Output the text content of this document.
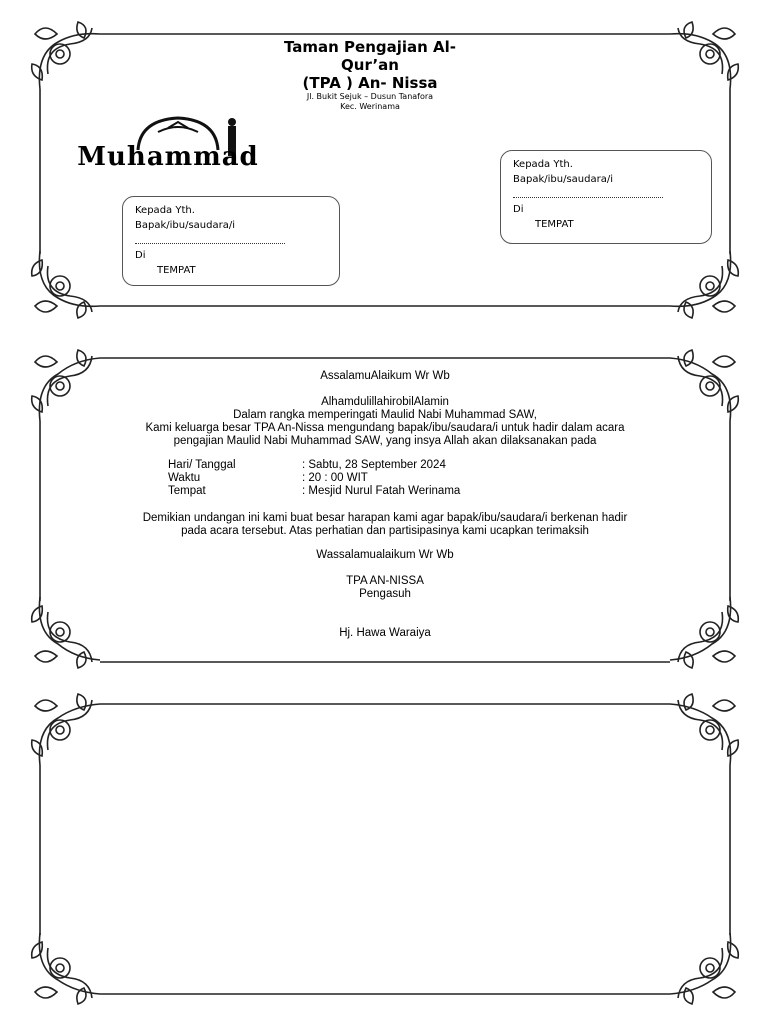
Taman Pengajian Al-
Qur’an
(TPA ) An- Nissa
Jl. Bukit Sejuk – Dusun Tanafora
Kec. Werinama
Muhammad
Kepada Yth.
Bapak/ibu/saudara/i
Di
TEMPAT
Kepada Yth.
Bapak/ibu/saudara/i
Di
TEMPAT
AssalamuAlaikum Wr Wb
AlhamdulillahirobilAlamin
Dalam rangka memperingati Maulid Nabi Muhammad SAW,
Kami keluarga besar TPA An-Nissa mengundang bapak/ibu/saudara/i untuk hadir dalam acara
pengajian Maulid Nabi Muhammad SAW, yang insya Allah akan dilaksanakan pada
Hari/ Tanggal	: Sabtu, 28 September 2024
Waktu	: 20 : 00 WIT
Tempat	: Mesjid Nurul Fatah Werinama
Demikian undangan ini kami buat besar harapan kami agar bapak/ibu/saudara/i berkenan hadir
pada acara tersebut. Atas perhatian dan partisipasinya kami ucapkan terimaksih
Wassalamualaikum Wr Wb
TPA AN-NISSA
Pengasuh
Hj. Hawa Waraiya
